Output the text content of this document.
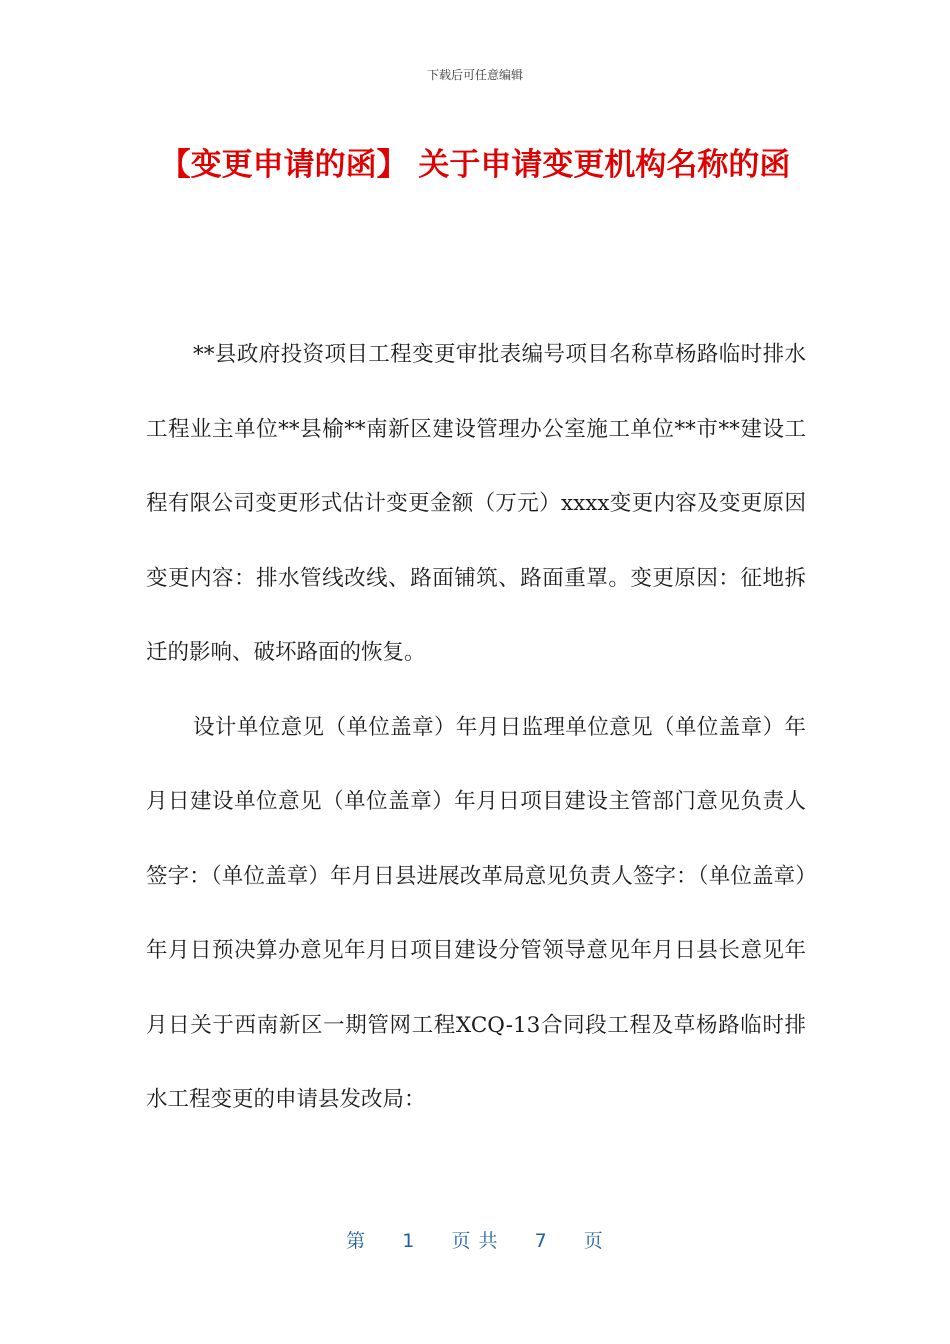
下载后可任意编辑
【变更申请的函】 关于申请变更机构名称的函

**县政府投资项目工程变更审批表编号项目名称草杨路临时排水工程业主单位**县榆**南新区建设管理办公室施工单位**市**建设工程有限公司变更形式估计变更金额（万元）xxxx变更内容及变更原因变更内容：排水管线改线、路面铺筑、路面重罩。变更原因：征地拆迁的影响、破坏路面的恢复。

设计单位意见（单位盖章）年月日监理单位意见（单位盖章）年月日建设单位意见（单位盖章）年月日项目建设主管部门意见负责人签字：（单位盖章）年月日县进展改革局意见负责人签字：（单位盖章）年月日预决算办意见年月日项目建设分管领导意见年月日县长意见年月日关于西南新区一期管网工程XCQ-13合同段工程及草杨路临时排水工程变更的申请县发改局：

第 1 页 共 7 页
